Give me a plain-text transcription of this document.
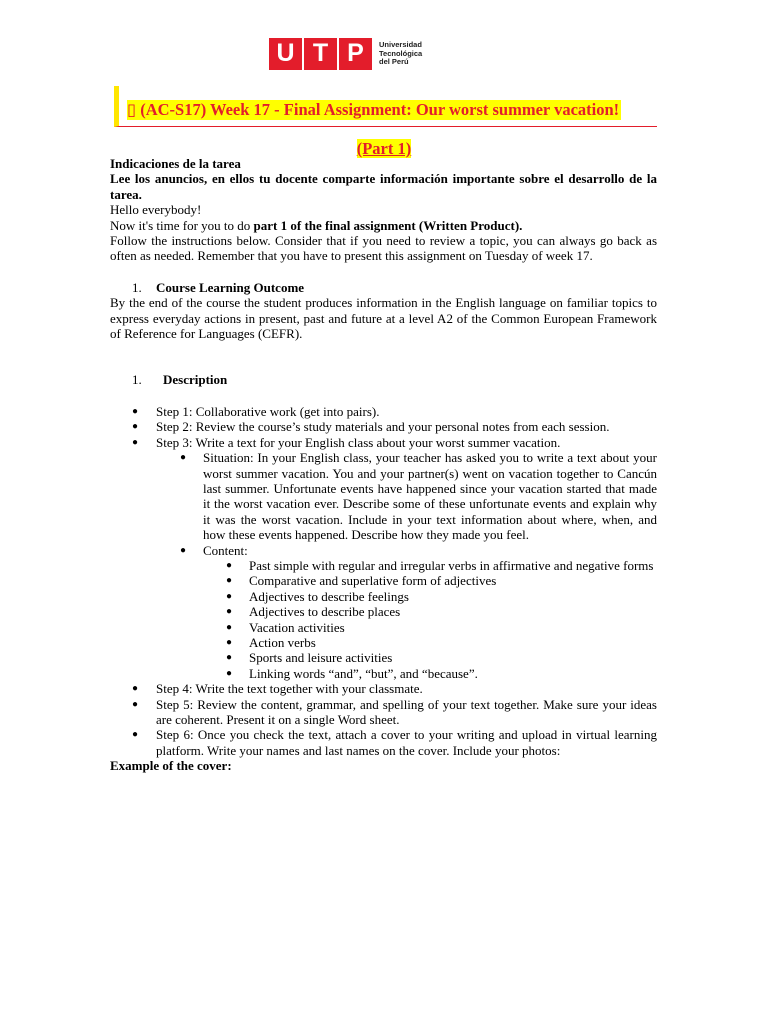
U T P	Universidad
Tecnológica
del Perú
▯ (AC-S17) Week 17 - Final Assignment: Our worst summer vacation!
(Part 1)

Indicaciones de la tarea

Lee los anuncios, en ellos tu docente comparte información importante sobre el desarrollo de la tarea.

Hello everybody!

Now it's time for you to do part 1 of the final assignment (Written Product).

Follow the instructions below. Consider that if you need to review a topic, you can always go back as often as needed. Remember that you have to present this assignment on Tuesday of week 17.

1. Course Learning Outcome

By the end of the course the student produces information in the English language on familiar topics to express everyday actions in present, past and future at a level A2 of the Common European Framework of Reference for Languages (CEFR).

1. Description

● Step 1: Collaborative work (get into pairs).
● Step 2: Review the course’s study materials and your personal notes from each session.
● Step 3: Write a text for your English class about your worst summer vacation.
● Situation: In your English class, your teacher has asked you to write a text about your worst summer vacation. You and your partner(s) went on vacation together to Cancún last summer. Unfortunate events have happened since your vacation started that made it the worst vacation ever. Describe some of these unfortunate events and explain why it was the worst vacation. Include in your text information about where, when, and how these events happened. Describe how they made you feel.
● Content:
● Past simple with regular and irregular verbs in affirmative and negative forms
● Comparative and superlative form of adjectives
● Adjectives to describe feelings
● Adjectives to describe places
● Vacation activities
● Action verbs
● Sports and leisure activities
● Linking words “and”, “but”, and “because”.
● Step 4: Write the text together with your classmate.
● Step 5: Review the content, grammar, and spelling of your text together. Make sure your ideas are coherent. Present it on a single Word sheet.
● Step 6: Once you check the text, attach a cover to your writing and upload in virtual learning platform. Write your names and last names on the cover. Include your photos:

Example of the cover:
